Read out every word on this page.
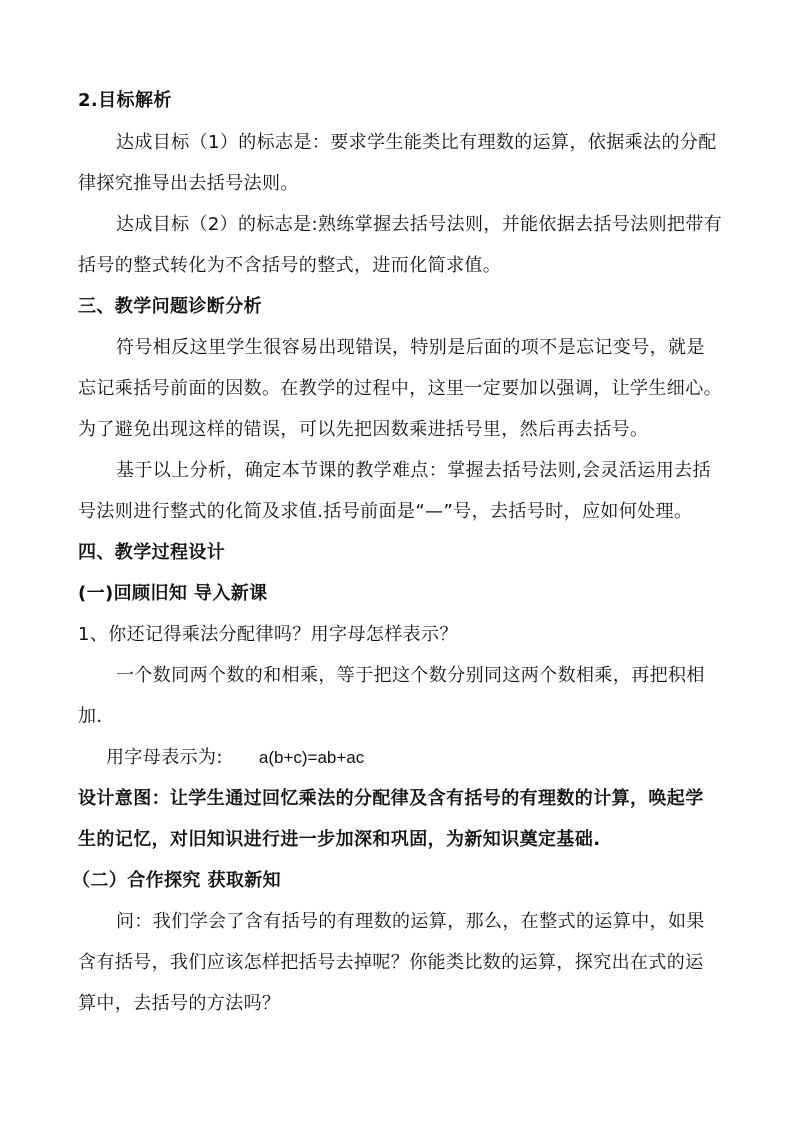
2.目标解析
达成目标（1）的标志是：要求学生能类比有理数的运算，依据乘法的分配
律探究推导出去括号法则。
达成目标（2）的标志是:熟练掌握去括号法则，并能依据去括号法则把带有
括号的整式转化为不含括号的整式，进而化简求值。
三、教学问题诊断分析
符号相反这里学生很容易出现错误，特别是后面的项不是忘记变号，就是
忘记乘括号前面的因数。在教学的过程中，这里一定要加以强调，让学生细心。
为了避免出现这样的错误，可以先把因数乘进括号里，然后再去括号。
基于以上分析，确定本节课的教学难点：掌握去括号法则,会灵活运用去括
号法则进行整式的化简及求值.括号前面是“—”号，去括号时，应如何处理。
四、教学过程设计
(一)回顾旧知 导入新课
1、你还记得乘法分配律吗？用字母怎样表示？
一个数同两个数的和相乘，等于把这个数分别同这两个数相乘，再把积相
加.
用字母表示为: a(b+c)=ab+ac
设计意图：让学生通过回忆乘法的分配律及含有括号的有理数的计算，唤起学
生的记忆，对旧知识进行进一步加深和巩固，为新知识奠定基础.
（二）合作探究 获取新知
问：我们学会了含有括号的有理数的运算，那么，在整式的运算中，如果
含有括号，我们应该怎样把括号去掉呢？你能类比数的运算，探究出在式的运
算中，去括号的方法吗？
